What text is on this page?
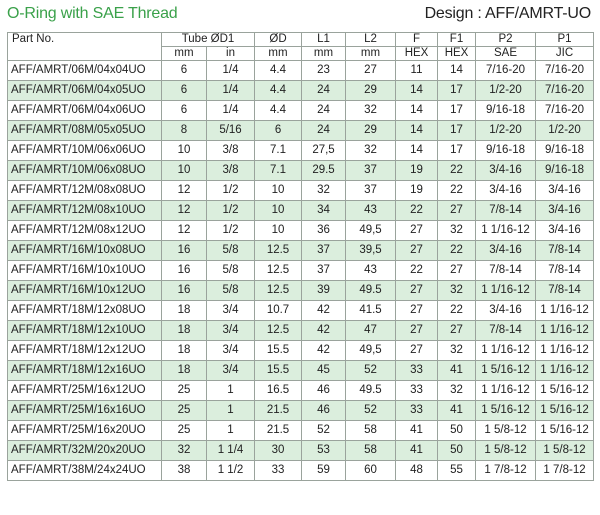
O-Ring with SAE Thread	Design : AFF/AMRT-UO
Part No.	Tube ØD1		ØD	L1	L2	F	F1	P2	P1
	mm	in	mm	mm	mm	HEX	HEX	SAE	JIC
AFF/AMRT/06M/04x04UO	6	1/4	4.4	23	27	11	14	7/16-20	7/16-20
AFF/AMRT/06M/04x05UO	6	1/4	4.4	24	29	14	17	1/2-20	7/16-20
AFF/AMRT/06M/04x06UO	6	1/4	4.4	24	32	14	17	9/16-18	7/16-20
AFF/AMRT/08M/05x05UO	8	5/16	6	24	29	14	17	1/2-20	1/2-20
AFF/AMRT/10M/06x06UO	10	3/8	7.1	27,5	32	14	17	9/16-18	9/16-18
AFF/AMRT/10M/06x08UO	10	3/8	7.1	29.5	37	19	22	3/4-16	9/16-18
AFF/AMRT/12M/08x08UO	12	1/2	10	32	37	19	22	3/4-16	3/4-16
AFF/AMRT/12M/08x10UO	12	1/2	10	34	43	22	27	7/8-14	3/4-16
AFF/AMRT/12M/08x12UO	12	1/2	10	36	49,5	27	32	1 1/16-12	3/4-16
AFF/AMRT/16M/10x08UO	16	5/8	12.5	37	39,5	27	22	3/4-16	7/8-14
AFF/AMRT/16M/10x10UO	16	5/8	12.5	37	43	22	27	7/8-14	7/8-14
AFF/AMRT/16M/10x12UO	16	5/8	12.5	39	49.5	27	32	1 1/16-12	7/8-14
AFF/AMRT/18M/12x08UO	18	3/4	10.7	42	41.5	27	22	3/4-16	1 1/16-12
AFF/AMRT/18M/12x10UO	18	3/4	12.5	42	47	27	27	7/8-14	1 1/16-12
AFF/AMRT/18M/12x12UO	18	3/4	15.5	42	49,5	27	32	1 1/16-12	1 1/16-12
AFF/AMRT/18M/12x16UO	18	3/4	15.5	45	52	33	41	1 5/16-12	1 1/16-12
AFF/AMRT/25M/16x12UO	25	1	16.5	46	49.5	33	32	1 1/16-12	1 5/16-12
AFF/AMRT/25M/16x16UO	25	1	21.5	46	52	33	41	1 5/16-12	1 5/16-12
AFF/AMRT/25M/16x20UO	25	1	21.5	52	58	41	50	1 5/8-12	1 5/16-12
AFF/AMRT/32M/20x20UO	32	1 1/4	30	53	58	41	50	1 5/8-12	1 5/8-12
AFF/AMRT/38M/24x24UO	38	1 1/2	33	59	60	48	55	1 7/8-12	1 7/8-12
